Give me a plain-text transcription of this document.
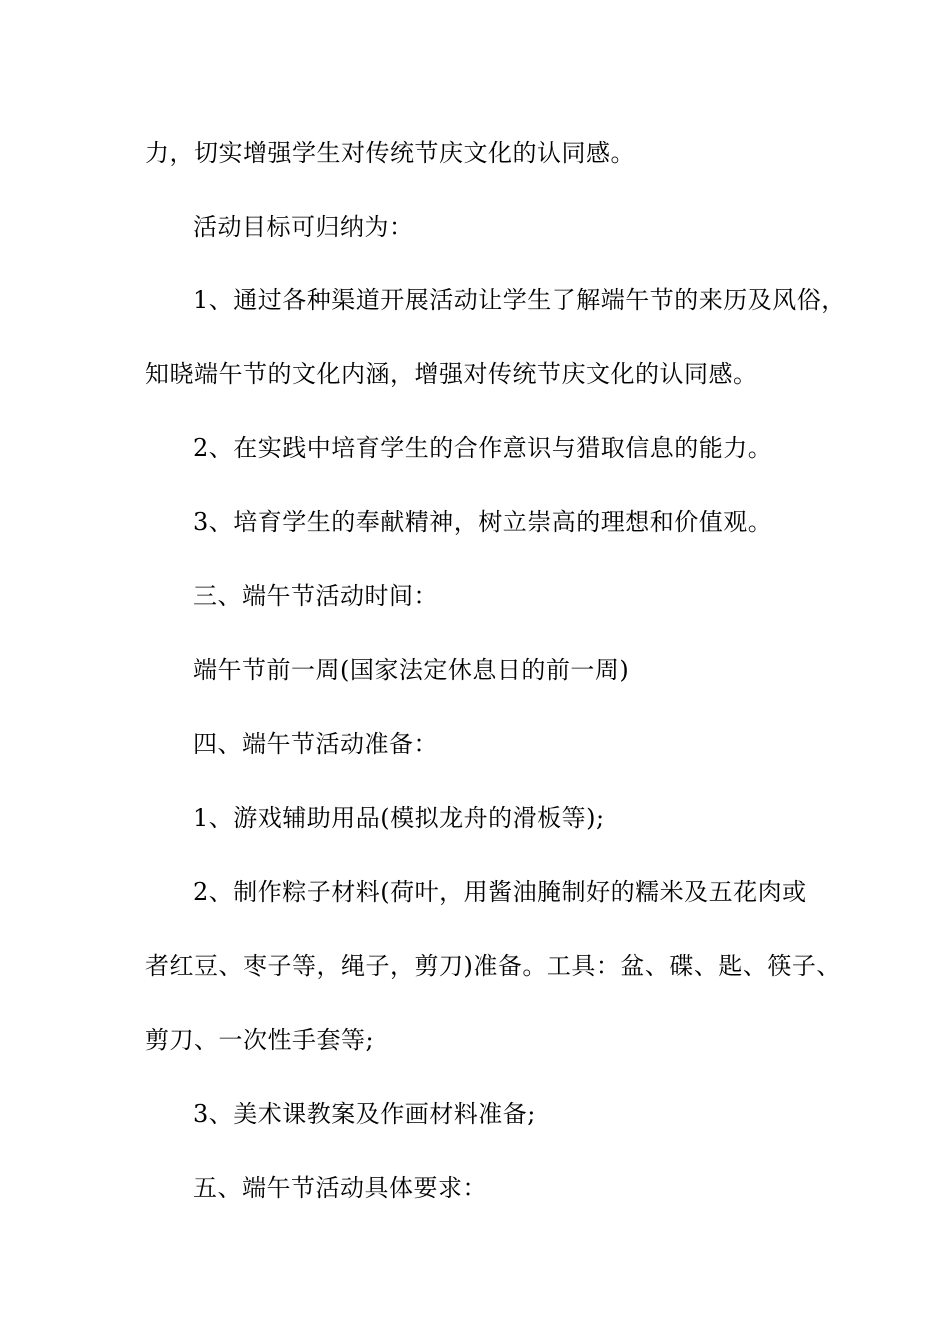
力，切实增强学生对传统节庆文化的认同感。
活动目标可归纳为：
1、通过各种渠道开展活动让学生了解端午节的来历及风俗，
知晓端午节的文化内涵，增强对传统节庆文化的认同感。
2、在实践中培育学生的合作意识与猎取信息的能力。
3、培育学生的奉献精神，树立崇高的理想和价值观。
三、端午节活动时间：
端午节前一周(国家法定休息日的前一周)
四、端午节活动准备：
1、游戏辅助用品(模拟龙舟的滑板等);
2、制作粽子材料(荷叶，用酱油腌制好的糯米及五花肉或
者红豆、枣子等，绳子，剪刀)准备。工具：盆、碟、匙、筷子、
剪刀、一次性手套等;
3、美术课教案及作画材料准备;
五、端午节活动具体要求：
